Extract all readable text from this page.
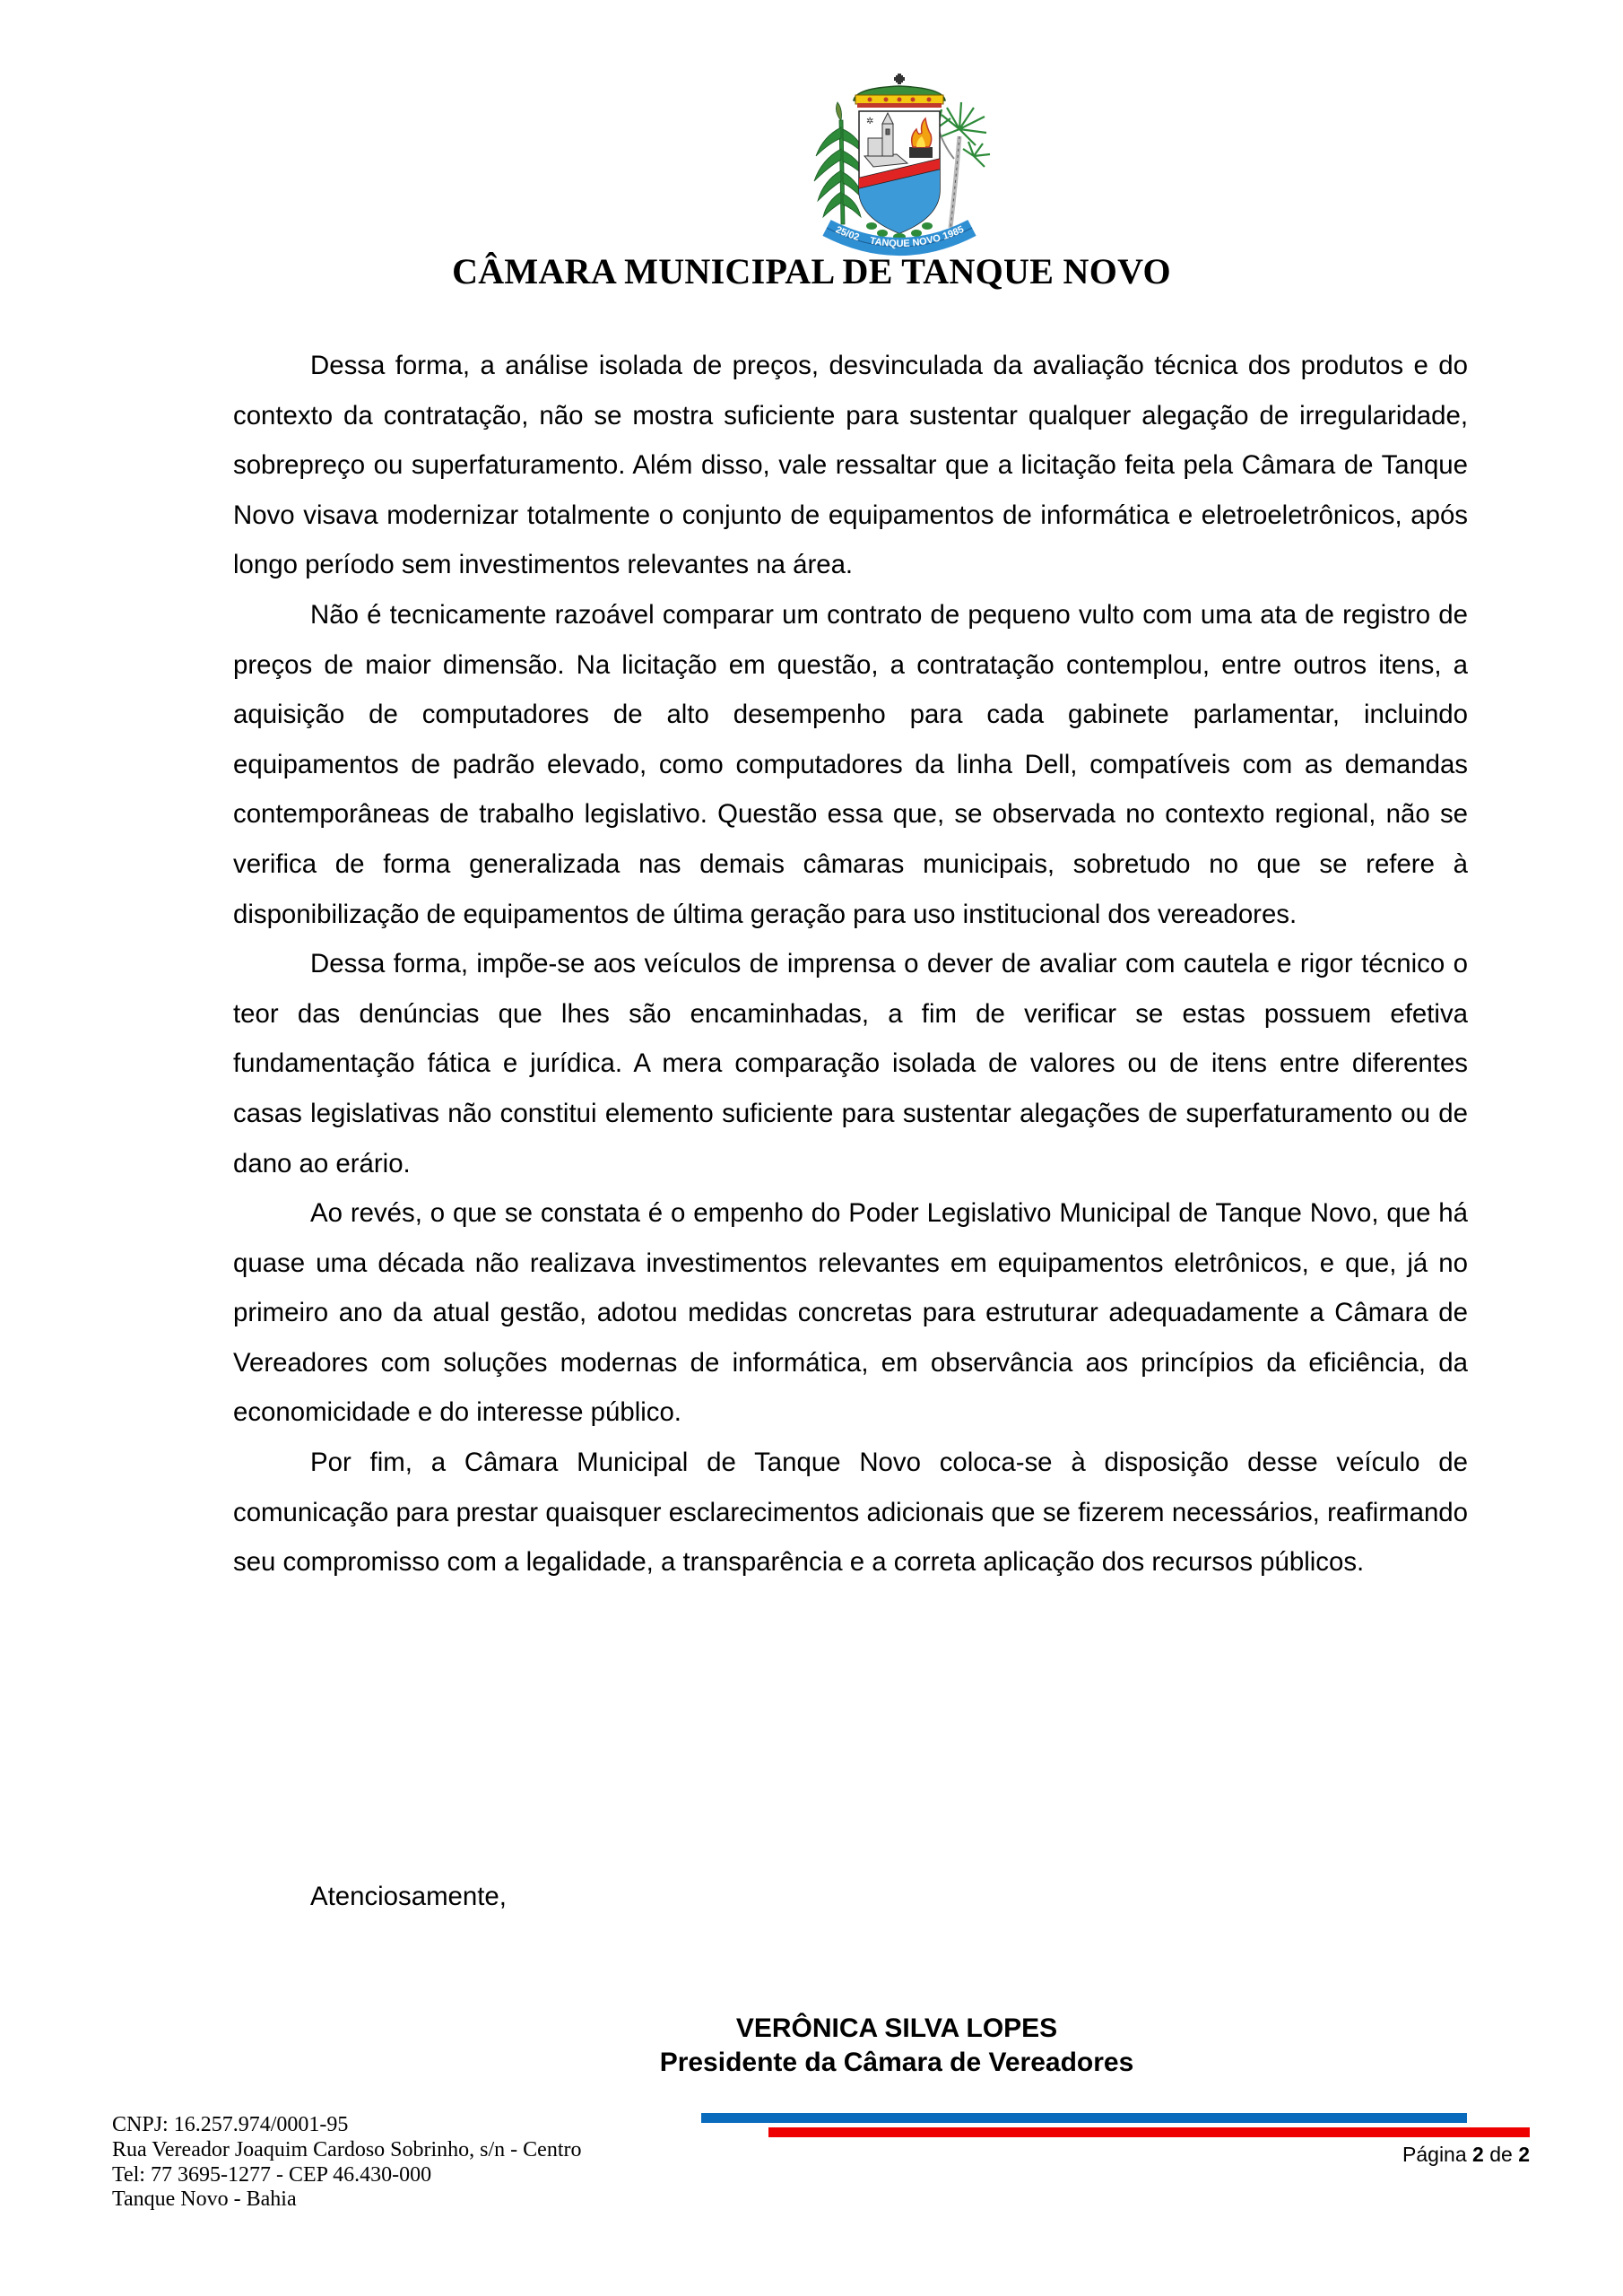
✲
25/02 TANQUE NOVO 1985
CÂMARA MUNICIPAL DE TANQUE NOVO

Dessa forma, a análise isolada de preços, desvinculada da avaliação técnica dos produtos e do contexto da contratação, não se mostra suficiente para sustentar qualquer alegação de irregularidade, sobrepreço ou superfaturamento. Além disso, vale ressaltar que a licitação feita pela Câmara de Tanque Novo visava modernizar totalmente o conjunto de equipamentos de informática e eletroeletrônicos, após longo período sem investimentos relevantes na área.

Não é tecnicamente razoável comparar um contrato de pequeno vulto com uma ata de registro de preços de maior dimensão. Na licitação em questão, a contratação contemplou, entre outros itens, a aquisição de computadores de alto desempenho para cada gabinete parlamentar, incluindo equipamentos de padrão elevado, como computadores da linha Dell, compatíveis com as demandas contemporâneas de trabalho legislativo. Questão essa que, se observada no contexto regional, não se verifica de forma generalizada nas demais câmaras municipais, sobretudo no que se refere à disponibilização de equipamentos de última geração para uso institucional dos vereadores.

Dessa forma, impõe-se aos veículos de imprensa o dever de avaliar com cautela e rigor técnico o teor das denúncias que lhes são encaminhadas, a fim de verificar se estas possuem efetiva fundamentação fática e jurídica. A mera comparação isolada de valores ou de itens entre diferentes casas legislativas não constitui elemento suficiente para sustentar alegações de superfaturamento ou de dano ao erário.

Ao revés, o que se constata é o empenho do Poder Legislativo Municipal de Tanque Novo, que há quase uma década não realizava investimentos relevantes em equipamentos eletrônicos, e que, já no primeiro ano da atual gestão, adotou medidas concretas para estruturar adequadamente a Câmara de Vereadores com soluções modernas de informática, em observância aos princípios da eficiência, da economicidade e do interesse público.

Por fim, a Câmara Municipal de Tanque Novo coloca-se à disposição desse veículo de comunicação para prestar quaisquer esclarecimentos adicionais que se fizerem necessários, reafirmando seu compromisso com a legalidade, a transparência e a correta aplicação dos recursos públicos.

Atenciosamente,
VERÔNICA SILVA LOPES
Presidente da Câmara de Vereadores
CNPJ: 16.257.974/0001-95
Rua Vereador Joaquim Cardoso Sobrinho, s/n - Centro
Tel: 77 3695-1277 - CEP 46.430-000
Tanque Novo - Bahia
Página 2 de 2
